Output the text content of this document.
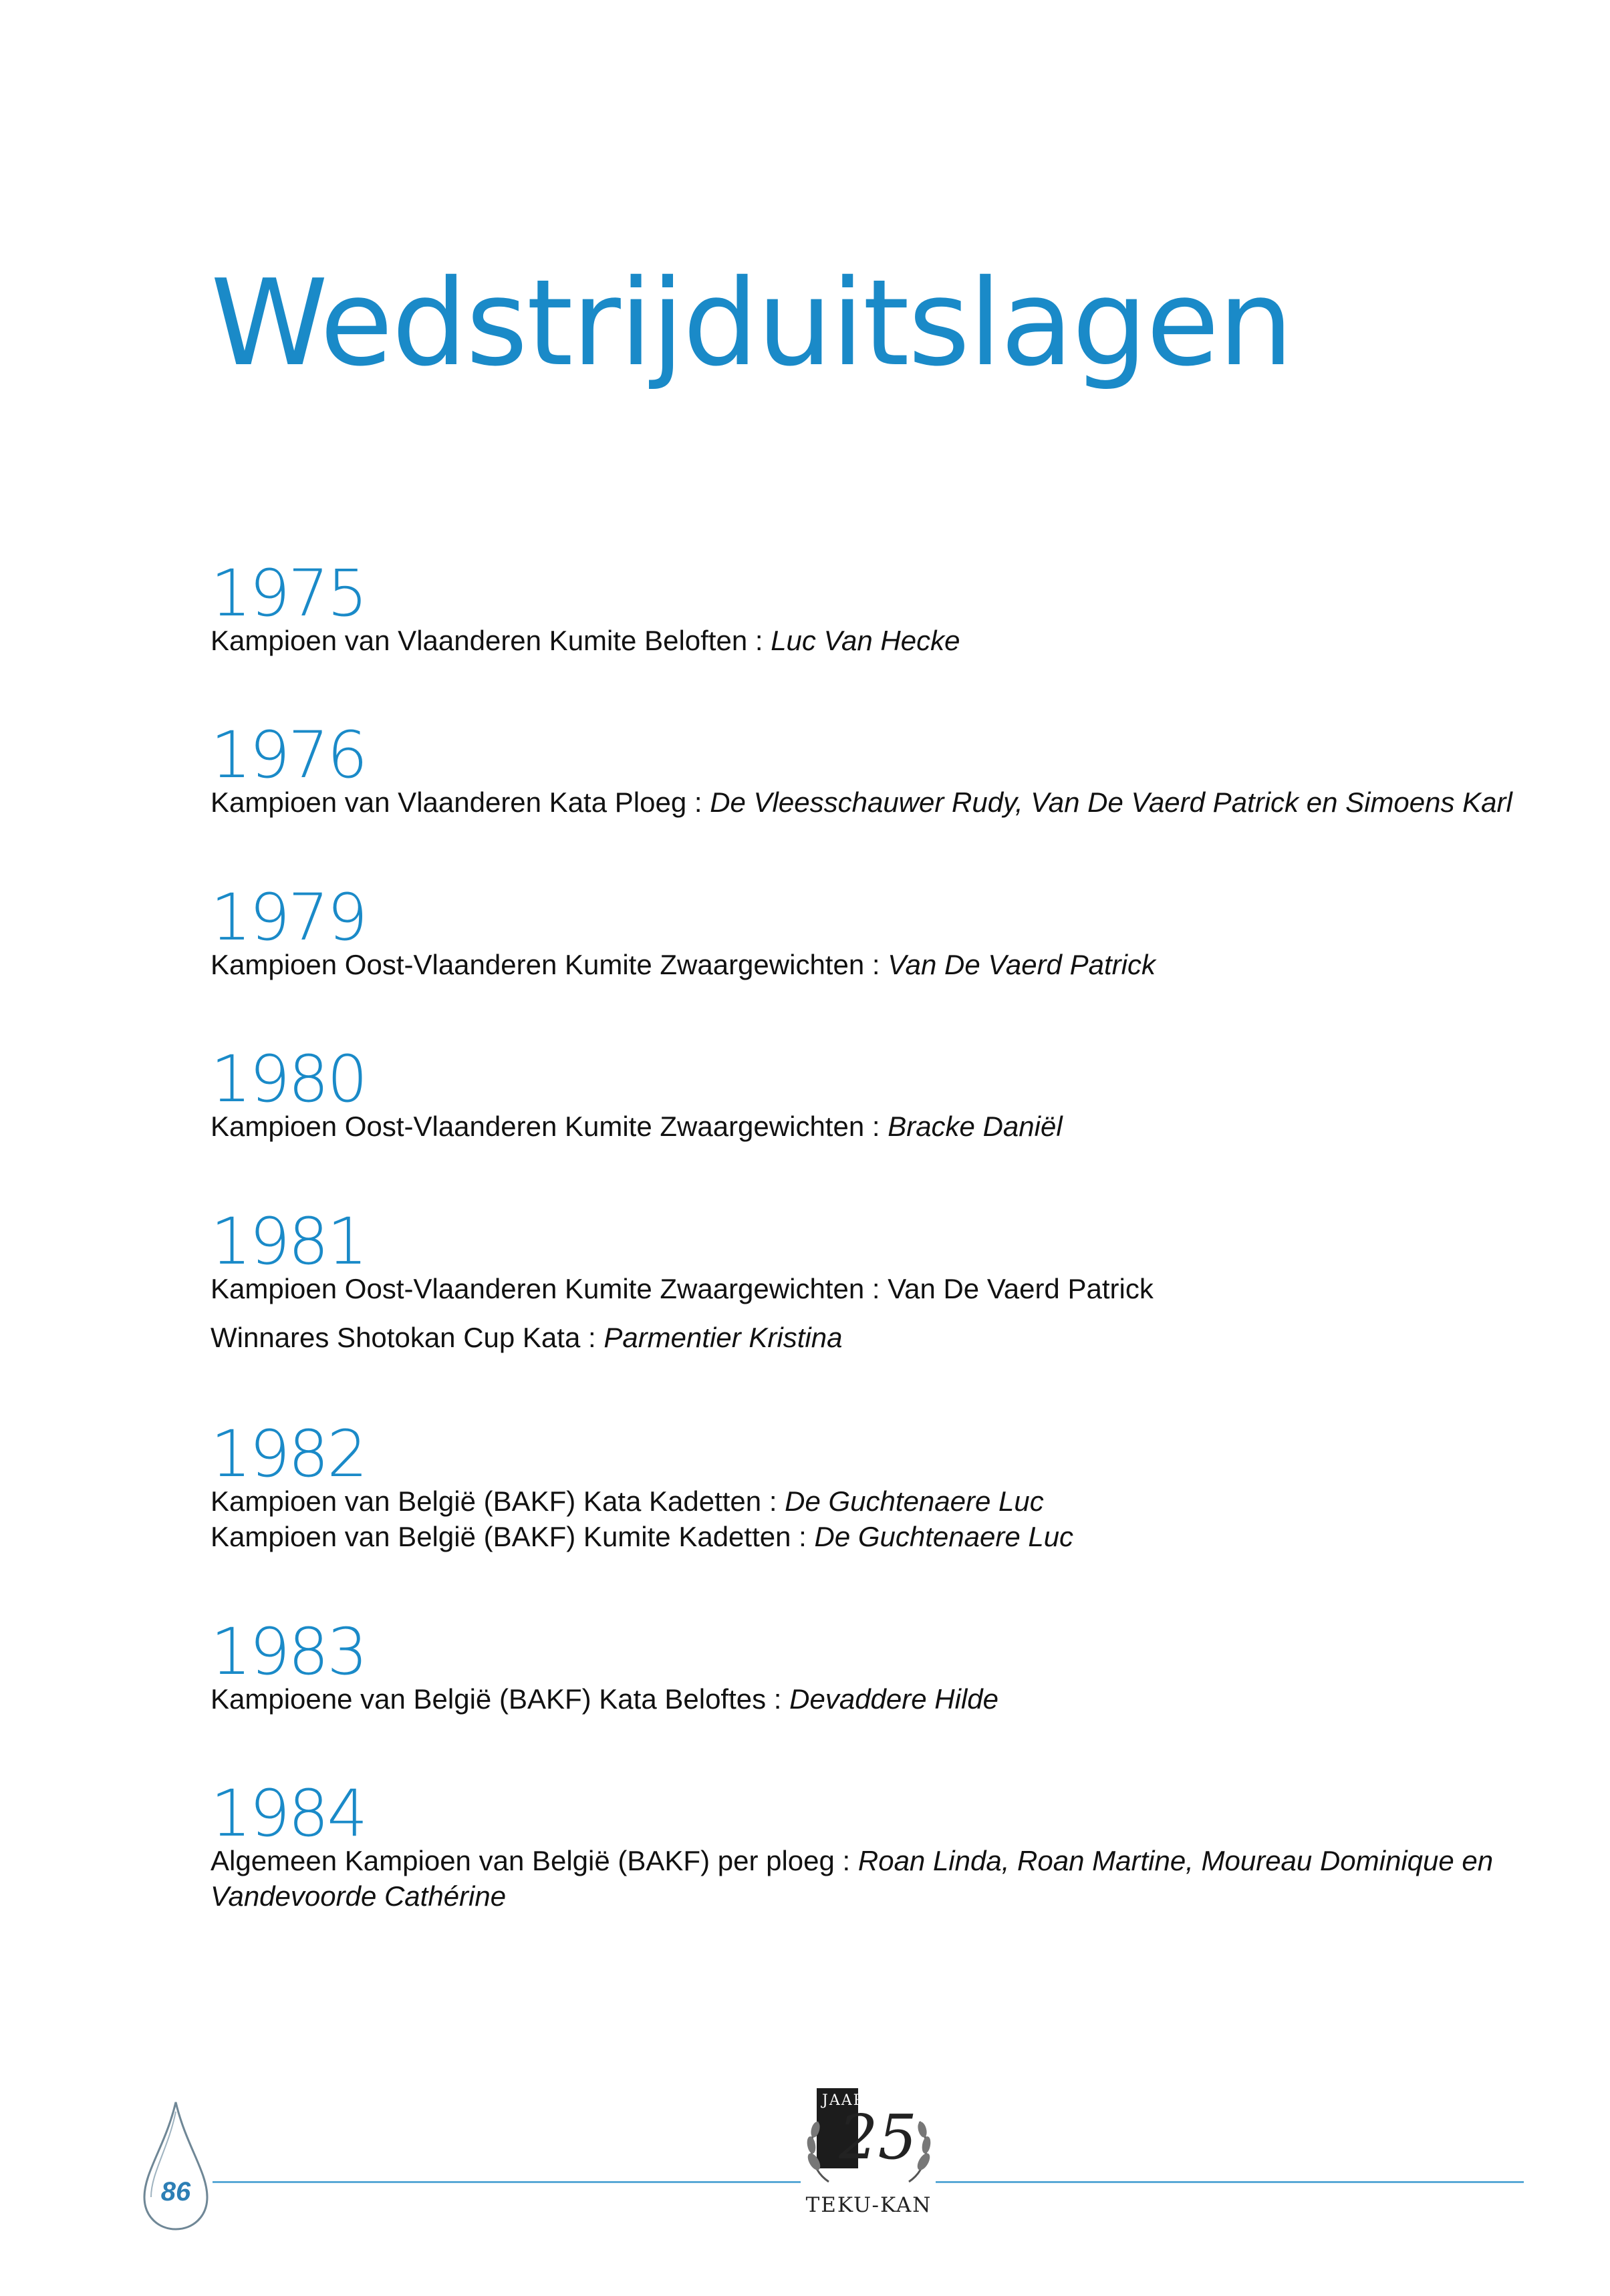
Wedstrijduitslagen
1975
Kampioen van Vlaanderen Kumite Beloften : Luc Van Hecke
1976
Kampioen van Vlaanderen Kata Ploeg : De Vleesschauwer Rudy, Van De Vaerd Patrick en Simoens Karl
1979
Kampioen Oost-Vlaanderen Kumite Zwaargewichten : Van De Vaerd Patrick
1980
Kampioen Oost-Vlaanderen Kumite Zwaargewichten : Bracke Daniël
1981
Kampioen Oost-Vlaanderen Kumite Zwaargewichten : Van De Vaerd Patrick
Winnares Shotokan Cup Kata : Parmentier Kristina
1982
Kampioen van België (BAKF) Kata Kadetten : De Guchtenaere Luc
Kampioen van België (BAKF) Kumite Kadetten : De Guchtenaere Luc
1983
Kampioene van België (BAKF) Kata Beloftes : Devaddere Hilde
1984
Algemeen Kampioen van België (BAKF) per ploeg : Roan Linda, Roan Martine, Moureau Dominique en Vandevoorde Cathérine
86
JAAR
25
TEKU-KAN
